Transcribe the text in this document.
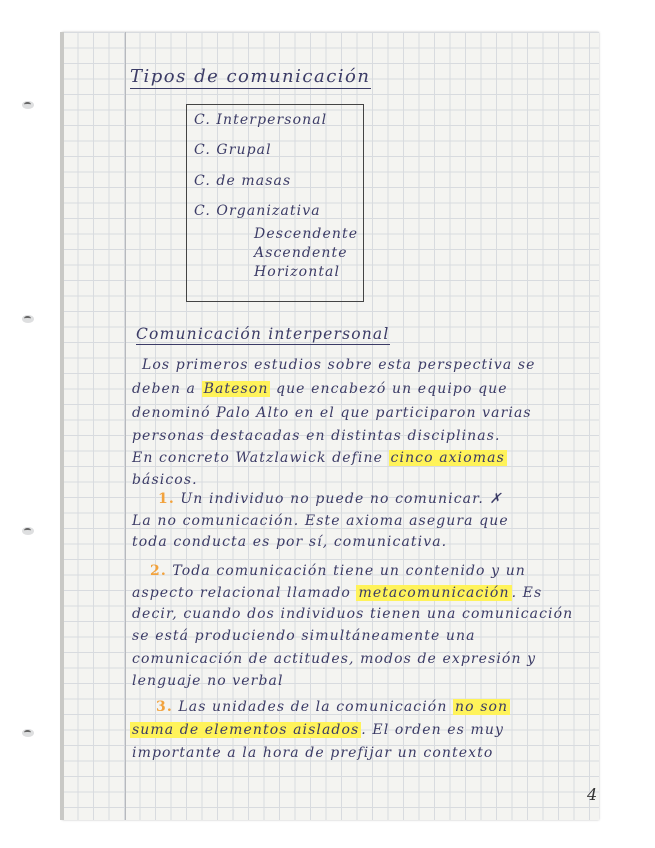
Tipos de comunicación
C. Interpersonal
C. Grupal
C. de masas
C. Organizativa
Descendente
Ascendente
Horizontal
Comunicación interpersonal
Los primeros estudios sobre esta perspectiva se
deben a Bateson que encabezó un equipo que
denominó Palo Alto en el que participaron varias
personas destacadas en distintas disciplinas.
En concreto Watzlawick define cinco axiomas
básicos.
1. Un individuo no puede no comunicar. ✗
La no comunicación. Este axioma asegura que
toda conducta es por sí, comunicativa.
2. Toda comunicación tiene un contenido y un
aspecto relacional llamado metacomunicación . Es
decir, cuando dos individuos tienen una comunicación
se está produciendo simultáneamente una
comunicación de actitudes, modos de expresión y
lenguaje no verbal
3. Las unidades de la comunicación no son
suma de elementos aislados . El orden es muy
importante a la hora de prefijar un contexto
4
